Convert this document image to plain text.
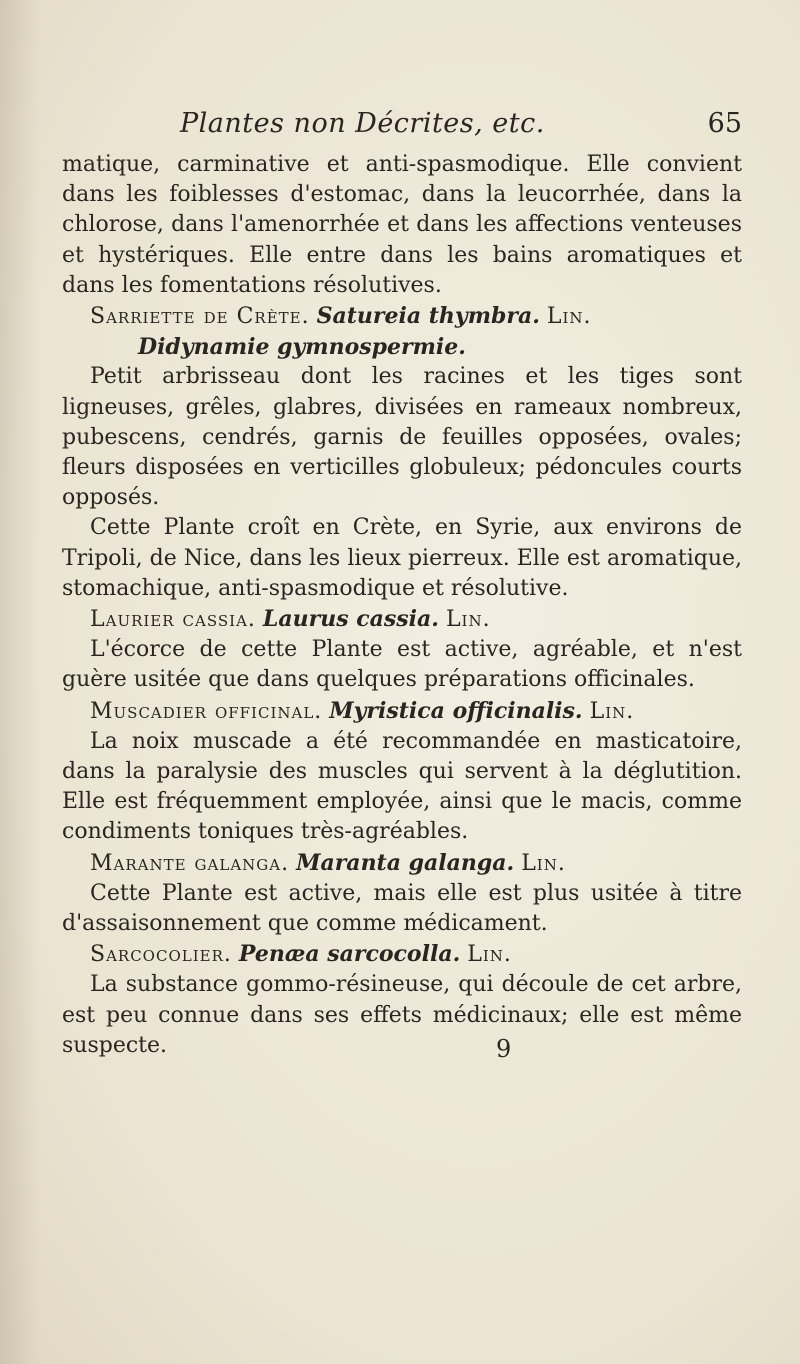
Plantes non Décrites, etc.	65

matique, carminative et anti-spasmodique. Elle convient dans les foiblesses d'estomac, dans la leucorrhée, dans la chlorose, dans l'amenorrhée et dans les affections venteuses et hystériques. Elle entre dans les bains aromatiques et dans les fomentations résolutives.

Sarriette de Crète. Satureia thymbra. Lin.

Didynamie gymnospermie.

Petit arbrisseau dont les racines et les tiges sont ligneuses, grêles, glabres, divisées en rameaux nombreux, pubescens, cendrés, garnis de feuilles opposées, ovales; fleurs disposées en verticilles globuleux; pédoncules courts opposés.

Cette Plante croît en Crète, en Syrie, aux environs de Tripoli, de Nice, dans les lieux pierreux. Elle est aromatique, stomachique, anti-spasmodique et résolutive.

Laurier cassia. Laurus cassia. Lin.

L'écorce de cette Plante est active, agréable, et n'est guère usitée que dans quelques préparations officinales.

Muscadier officinal. Myristica officinalis. Lin.

La noix muscade a été recommandée en masticatoire, dans la paralysie des muscles qui servent à la déglutition. Elle est fréquemment employée, ainsi que le macis, comme condiments toniques très-agréables.

Marante galanga. Maranta galanga. Lin.

Cette Plante est active, mais elle est plus usitée à titre d'assaisonnement que comme médicament.

Sarcocolier. Penæa sarcocolla. Lin.

La substance gommo-résineuse, qui découle de cet arbre, est peu connue dans ses effets médicinaux; elle est même suspecte.	9
